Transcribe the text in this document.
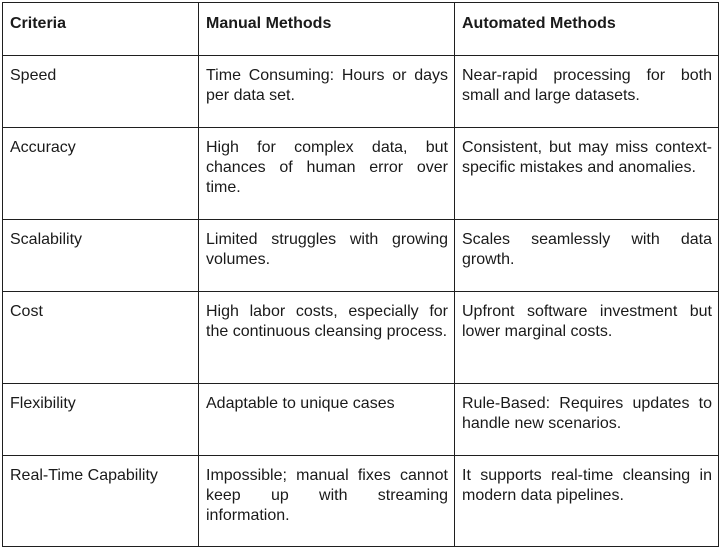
Criteria	Manual Methods	Automated Methods
Speed	Time Consuming: Hours or days per data set.	Near-rapid processing for both small and large datasets.
Accuracy	High for complex data, but chances of human error over time.	Consistent, but may miss context-specific mistakes and anomalies.
Scalability	Limited struggles with growing volumes.	Scales seamlessly with data growth.
Cost	High labor costs, especially for the continuous cleansing process.	Upfront software investment but lower marginal costs.
Flexibility	Adaptable to unique cases	Rule-Based: Requires updates to handle new scenarios.
Real-Time Capability	Impossible; manual fixes cannot keep up with streaming information.	It supports real-time cleansing in modern data pipelines.
